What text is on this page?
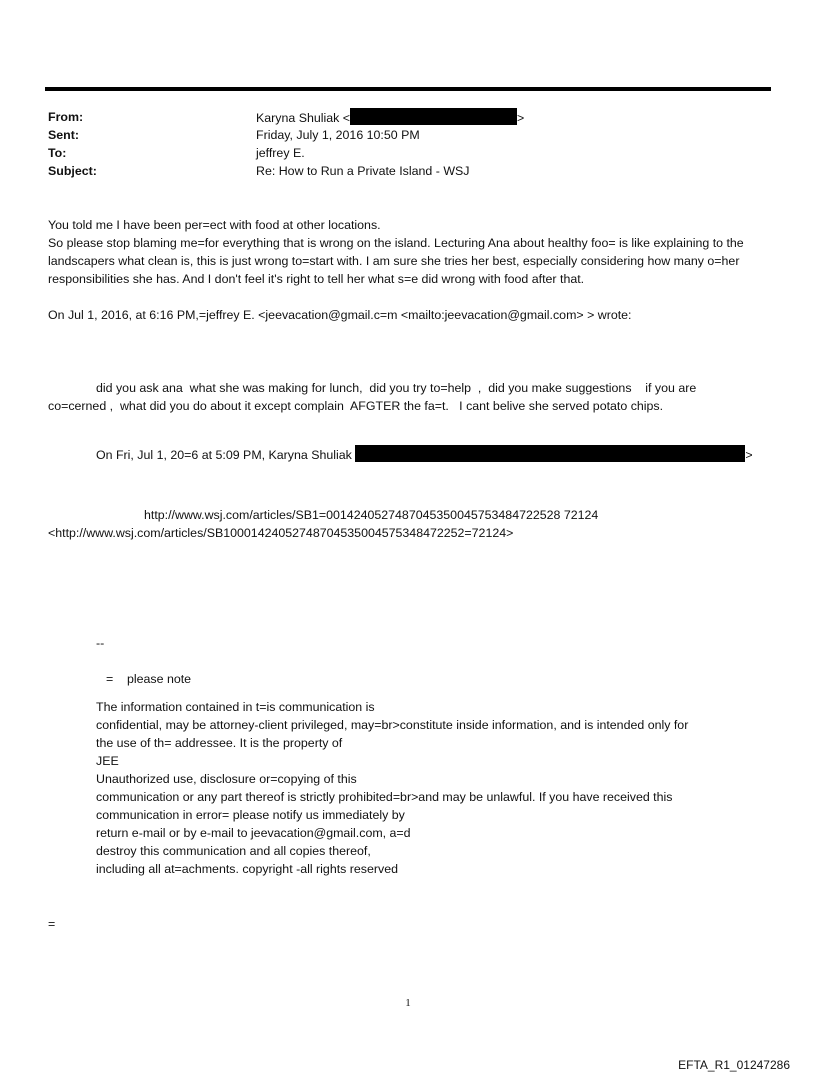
From:	Karyna Shuliak <	>
Sent:	Friday, July 1, 2016 10:50 PM
To:	jeffrey E.
Subject:	Re: How to Run a Private Island - WSJ

You told me I have been per=ect with food at other locations.

So please stop blaming me=for everything that is wrong on the island. Lecturing Ana about healthy foo= is like explaining to the landscapers what clean is, this is just wrong to=start with. I am sure she tries her best, especially considering how many o=her responsibilities she has. And I don't feel it's right to tell her what s=e did wrong with food after that.

On Jul 1, 2016, at 6:16 PM,=jeffrey E. <jeevacation@gmail.c=m <mailto:jeevacation@gmail.com> > wrote:

did you ask ana  what she was making for lunch,  did you try to=help  ,  did you make suggestions    if you are

co=cerned ,  what did you do about it except complain  AFGTER the fa=t.   I cant belive she served potato chips.

On Fri, Jul 1, 20=6 at 5:09 PM, Karyna Shuliak	>

http://www.wsj.com/articles/SB1=0014240527487045350045753484722528 72124

<http://www.wsj.com/articles/SB10001424052748704535004575348472252=72124>

--

=    please note

The information contained in t=is communication is

confidential, may be attorney-client privileged, may=br>constitute inside information, and is intended only for

the use of th= addressee. It is the property of

JEE

Unauthorized use, disclosure or=copying of this

communication or any part thereof is strictly prohibited=br>and may be unlawful. If you have received this

communication in error= please notify us immediately by

return e-mail or by e-mail to jeevacation@gmail.com, a=d

destroy this communication and all copies thereof,

including all at=achments. copyright -all rights reserved

=

1
EFTA_R1_01247286
